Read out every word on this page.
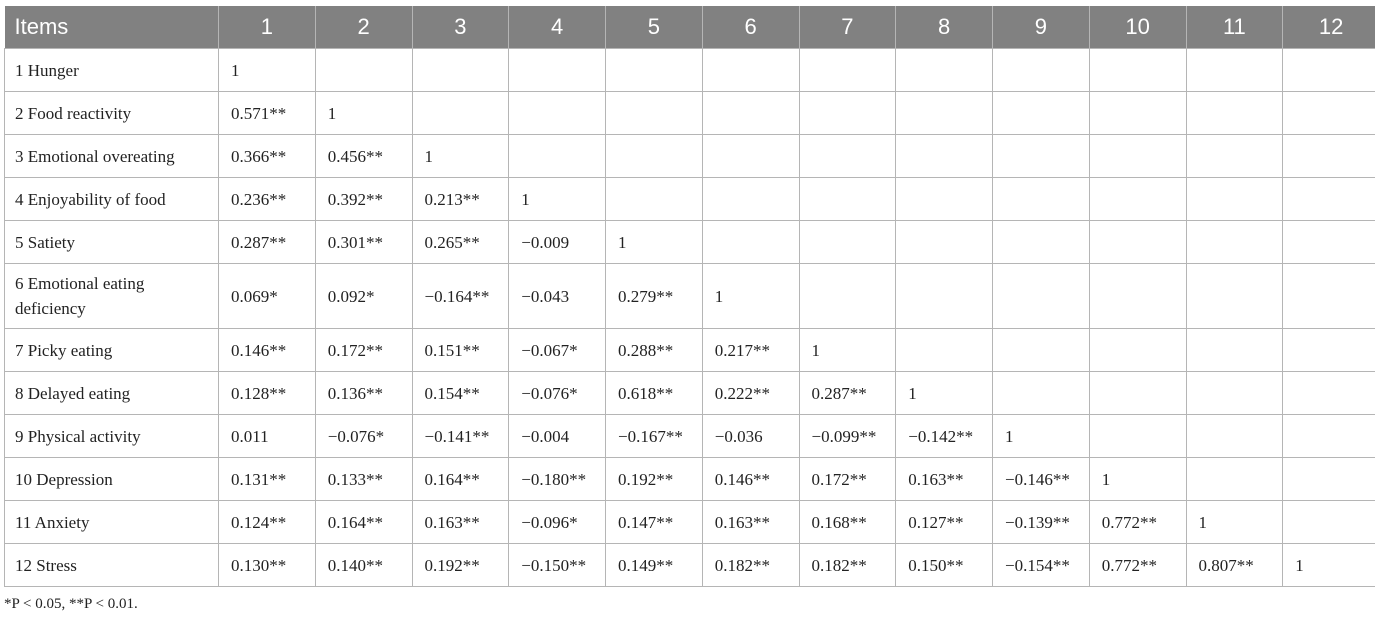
Items	1	2	3	4	5	6	7	8	9	10	11	12
1 Hunger	1											
2 Food reactivity	0.571**	1										
3 Emotional overeating	0.366**	0.456**	1									
4 Enjoyability of food	0.236**	0.392**	0.213**	1								
5 Satiety	0.287**	0.301**	0.265**	−0.009	1							
6 Emotional eating deficiency	0.069*	0.092*	−0.164**	−0.043	0.279**	1						
7 Picky eating	0.146**	0.172**	0.151**	−0.067*	0.288**	0.217**	1					
8 Delayed eating	0.128**	0.136**	0.154**	−0.076*	0.618**	0.222**	0.287**	1				
9 Physical activity	0.011	−0.076*	−0.141**	−0.004	−0.167**	−0.036	−0.099**	−0.142**	1			
10 Depression	0.131**	0.133**	0.164**	−0.180**	0.192**	0.146**	0.172**	0.163**	−0.146**	1		
11 Anxiety	0.124**	0.164**	0.163**	−0.096*	0.147**	0.163**	0.168**	0.127**	−0.139**	0.772**	1	
12 Stress	0.130**	0.140**	0.192**	−0.150**	0.149**	0.182**	0.182**	0.150**	−0.154**	0.772**	0.807**	1
*P < 0.05, **P < 0.01.
